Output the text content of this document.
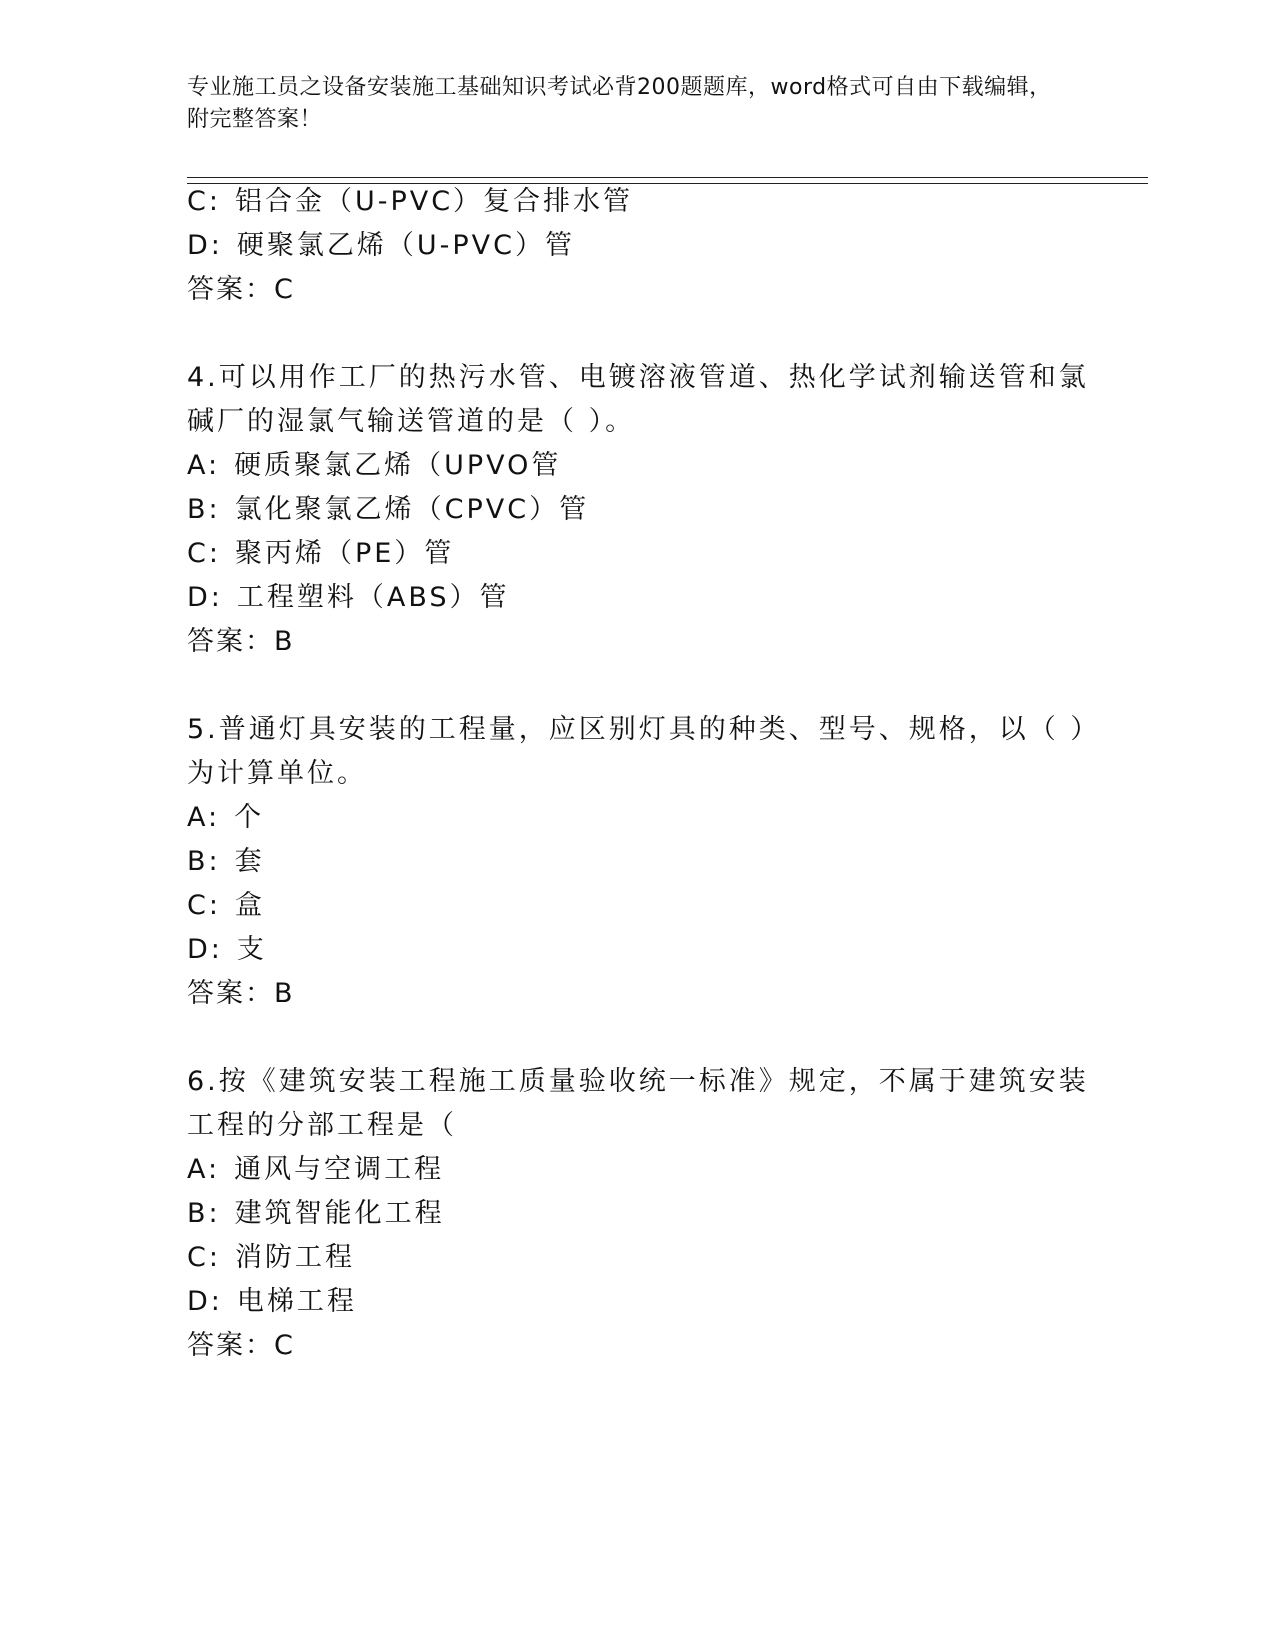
专业施工员之设备安装施工基础知识考试必背200题题库，word格式可自由下载编辑，附完整答案！
C: 铝合金（U-PVC）复合排水管
D: 硬聚氯乙烯（U-PVC）管
答案：C
4.可以用作工厂的热污水管、电镀溶液管道、热化学试剂输送管和氯
碱厂的湿氯气输送管道的是（ ）。
A: 硬质聚氯乙烯（UPVO管
B: 氯化聚氯乙烯（CPVC）管
C: 聚丙烯（PE）管
D: 工程塑料（ABS）管
答案：B
5.普通灯具安装的工程量，应区别灯具的种类、型号、规格，以（ ）
为计算单位。
A: 个
B: 套
C: 盒
D: 支
答案：B
6.按《建筑安装工程施工质量验收统一标准》规定，不属于建筑安装
工程的分部工程是（
A: 通风与空调工程
B: 建筑智能化工程
C: 消防工程
D: 电梯工程
答案：C
